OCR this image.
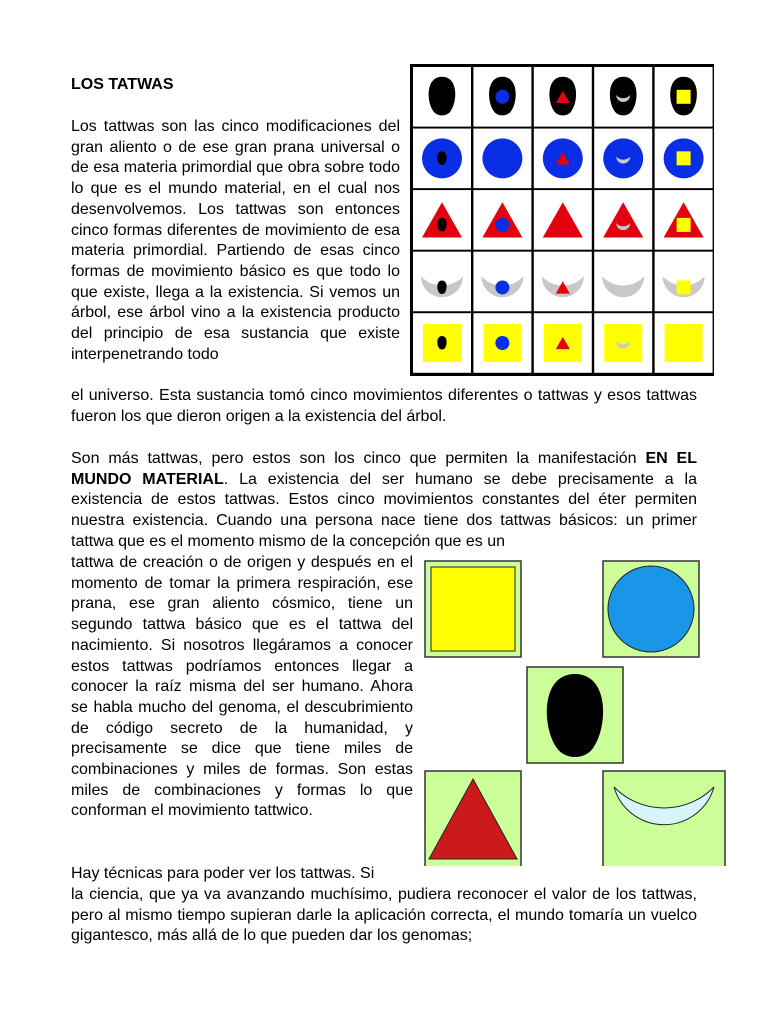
LOS TATWAS

Los tattwas son las cinco modificaciones del gran aliento o de ese gran prana universal o de esa materia primordial que obra sobre todo lo que es el mundo material, en el cual nos desenvolvemos. Los tattwas son entonces cinco formas diferentes de movimiento de esa materia primordial. Partiendo de esas cinco formas de movimiento básico es que todo lo que existe, llega a la existencia. Si vemos un árbol, ese árbol vino a la existencia producto del principio de esa sustancia que existe interpenetrando todo

el universo. Esta sustancia tomó cinco movimientos diferentes o tattwas y esos tattwas fueron los que dieron origen a la existencia del árbol.

Son más tattwas, pero estos son los cinco que permiten la manifestación EN EL MUNDO MATERIAL. La existencia del ser humano se debe precisamente a la existencia de estos tattwas. Estos cinco movimientos constantes del éter permiten nuestra existencia. Cuando una persona nace tiene dos tattwas básicos: un primer tattwa que es el momento mismo de la concepción que es un

tattwa de creación o de origen y después en el momento de tomar la primera respiración, ese prana, ese gran aliento cósmico, tiene un segundo tattwa básico que es el tattwa del nacimiento. Si nosotros llegáramos a conocer estos tattwas podríamos entonces llegar a conocer la raíz misma del ser humano. Ahora se habla mucho del genoma, el descubrimiento de código secreto de la humanidad, y precisamente se dice que tiene miles de combinaciones y miles de formas. Son estas miles de combinaciones y formas lo que conforman el movimiento tattwico.

Hay técnicas para poder ver los tattwas. Si

la ciencia, que ya va avanzando muchísimo, pudiera reconocer el valor de los tattwas, pero al mismo tiempo supieran darle la aplicación correcta, el mundo tomaría un vuelco gigantesco, más allá de lo que pueden dar los genomas;
